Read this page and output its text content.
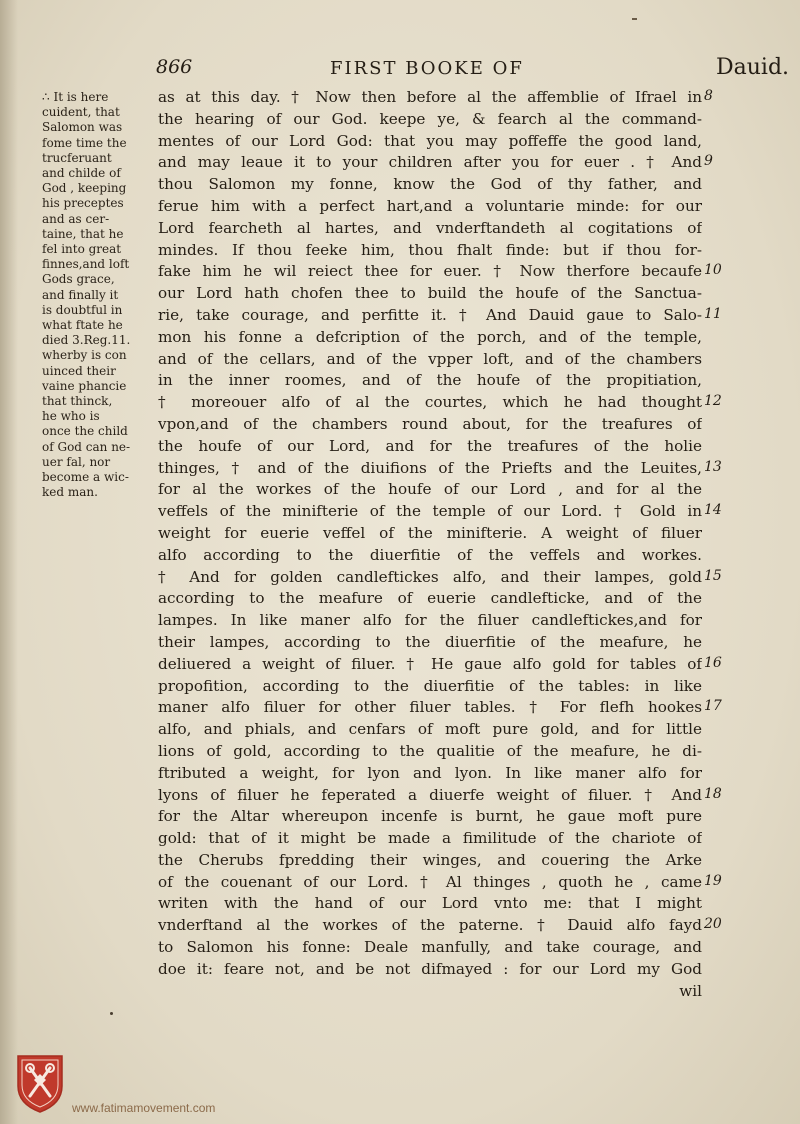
866	FIRST BOOKE OF	Dauid.
∴ It is here
cuident, that
Salomon was
fome time the
trucferuant
and childe of
God , keeping
his preceptes
and as cer-
taine, that he
fel into great
finnes,and loft
Gods grace,
and finally it
is doubtful in
what ftate he
died 3.Reg.11.
wherby is con
uinced their
vaine phancie
that thinck,
he who is
once the child
of God can ne-
uer fal, nor
become a wic-
ked man.
as at this day. † Now then before al the affemblie of Ifrael in
the hearing of our God. keepe ye, & fearch al the command-
mentes of our Lord God: that you may poffeffe the good land,
and may leaue it to your children after you for euer . † And
thou Salomon my fonne, know the God of thy father, and
ferue him with a perfect hart,and a voluntarie minde: for our
Lord fearcheth al hartes, and vnderftandeth al cogitations of
mindes. If thou feeke him, thou fhalt finde: but if thou for-
fake him he wil reiect thee for euer. † Now therfore becaufe
our Lord hath chofen thee to build the houfe of the Sanctua-
rie, take courage, and perfitte it. † And Dauid gaue to Salo-
mon his fonne a defcription of the porch, and of the temple,
and of the cellars, and of the vpper loft, and of the chambers
in the inner roomes, and of the houfe of the propitiation,
† moreouer alfo of al the courtes, which he had thought
vpon,and of the chambers round about, for the treafures of
the houfe of our Lord, and for the treafures of the holie
thinges, † and of the diuifions of the Priefts and the Leuites,
for al the workes of the houfe of our Lord , and for al the
veffels of the minifterie of the temple of our Lord. † Gold in
weight for euerie veffel of the minifterie. A weight of filuer
alfo according to the diuerfitie of the veffels and workes.
† And for golden candleftickes alfo, and their lampes, gold
according to the meafure of euerie candlefticke, and of the
lampes. In like maner alfo for the filuer candleftickes,and for
their lampes, according to the diuerfitie of the meafure, he
deliuered a weight of filuer. † He gaue alfo gold for tables of
propofition, according to the diuerfitie of the tables: in like
maner alfo filuer for other filuer tables. † For flefh hookes
alfo, and phials, and cenfars of moft pure gold, and for little
lions of gold, according to the qualitie of the meafure, he di-
ftributed a weight, for lyon and lyon. In like maner alfo for
lyons of filuer he feperated a diuerfe weight of filuer. † And
for the Altar whereupon incenfe is burnt, he gaue moft pure
gold: that of it might be made a fimilitude of the chariote of
the Cherubs fpredding their winges, and couering the Arke
of the couenant of our Lord. † Al thinges , quoth he , came
writen with the hand of our Lord vnto me: that I might
vnderftand al the workes of the paterne. † Dauid alfo fayd
to Salomon his fonne: Deale manfully, and take courage, and
doe it: feare not, and be not difmayed : for our Lord my God
wil
8
9
10
11
12
13
14
15
16
17
18
19
20
www.fatimamovement.com
